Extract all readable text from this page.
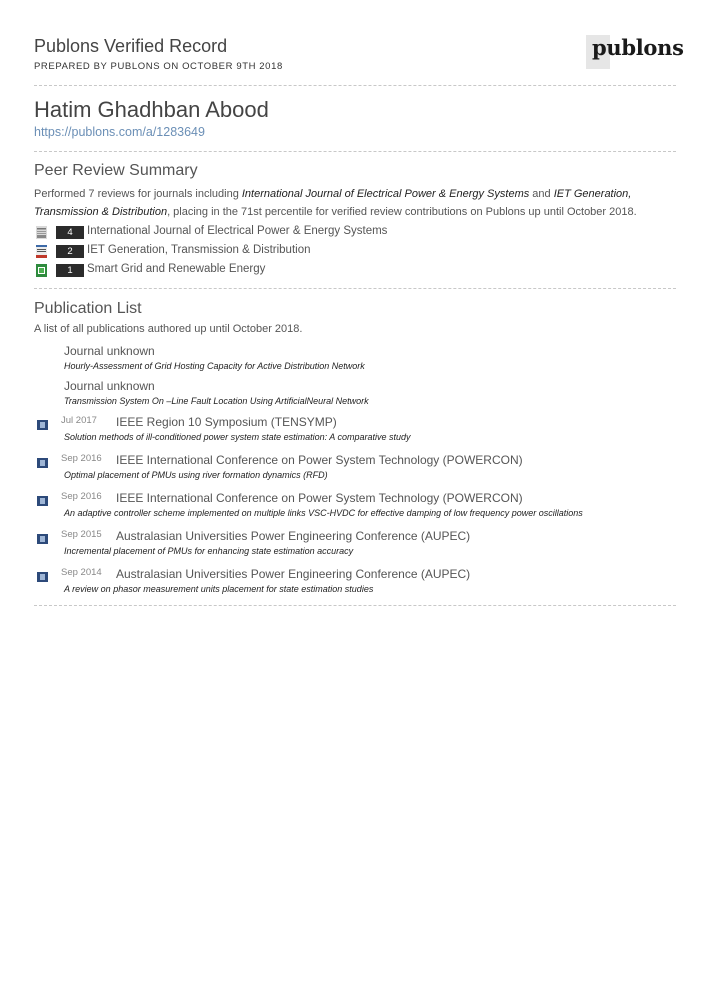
Publons Verified Record
PREPARED BY PUBLONS ON OCTOBER 9TH 2018
publons
Hatim Ghadhban Abood
https://publons.com/a/1283649
Peer Review Summary
Performed 7 reviews for journals including International Journal of Electrical Power & Energy Systems and IET Generation, Transmission & Distribution, placing in the 71st percentile for verified review contributions on Publons up until October 2018.
4	International Journal of Electrical Power & Energy Systems
2	IET Generation, Transmission & Distribution
1	Smart Grid and Renewable Energy
Publication List
A list of all publications authored up until October 2018.
Journal unknown
Hourly-Assessment of Grid Hosting Capacity for Active Distribution Network
Journal unknown
Transmission System On –Line Fault Location Using ArtificialNeural Network
Jul 2017 IEEE Region 10 Symposium (TENSYMP)
Solution methods of ill-conditioned power system state estimation: A comparative study
Sep 2016 IEEE International Conference on Power System Technology (POWERCON)
Optimal placement of PMUs using river formation dynamics (RFD)
Sep 2016 IEEE International Conference on Power System Technology (POWERCON)
An adaptive controller scheme implemented on multiple links VSC-HVDC for effective damping of low frequency power oscillations
Sep 2015 Australasian Universities Power Engineering Conference (AUPEC)
Incremental placement of PMUs for enhancing state estimation accuracy
Sep 2014 Australasian Universities Power Engineering Conference (AUPEC)
A review on phasor measurement units placement for state estimation studies
